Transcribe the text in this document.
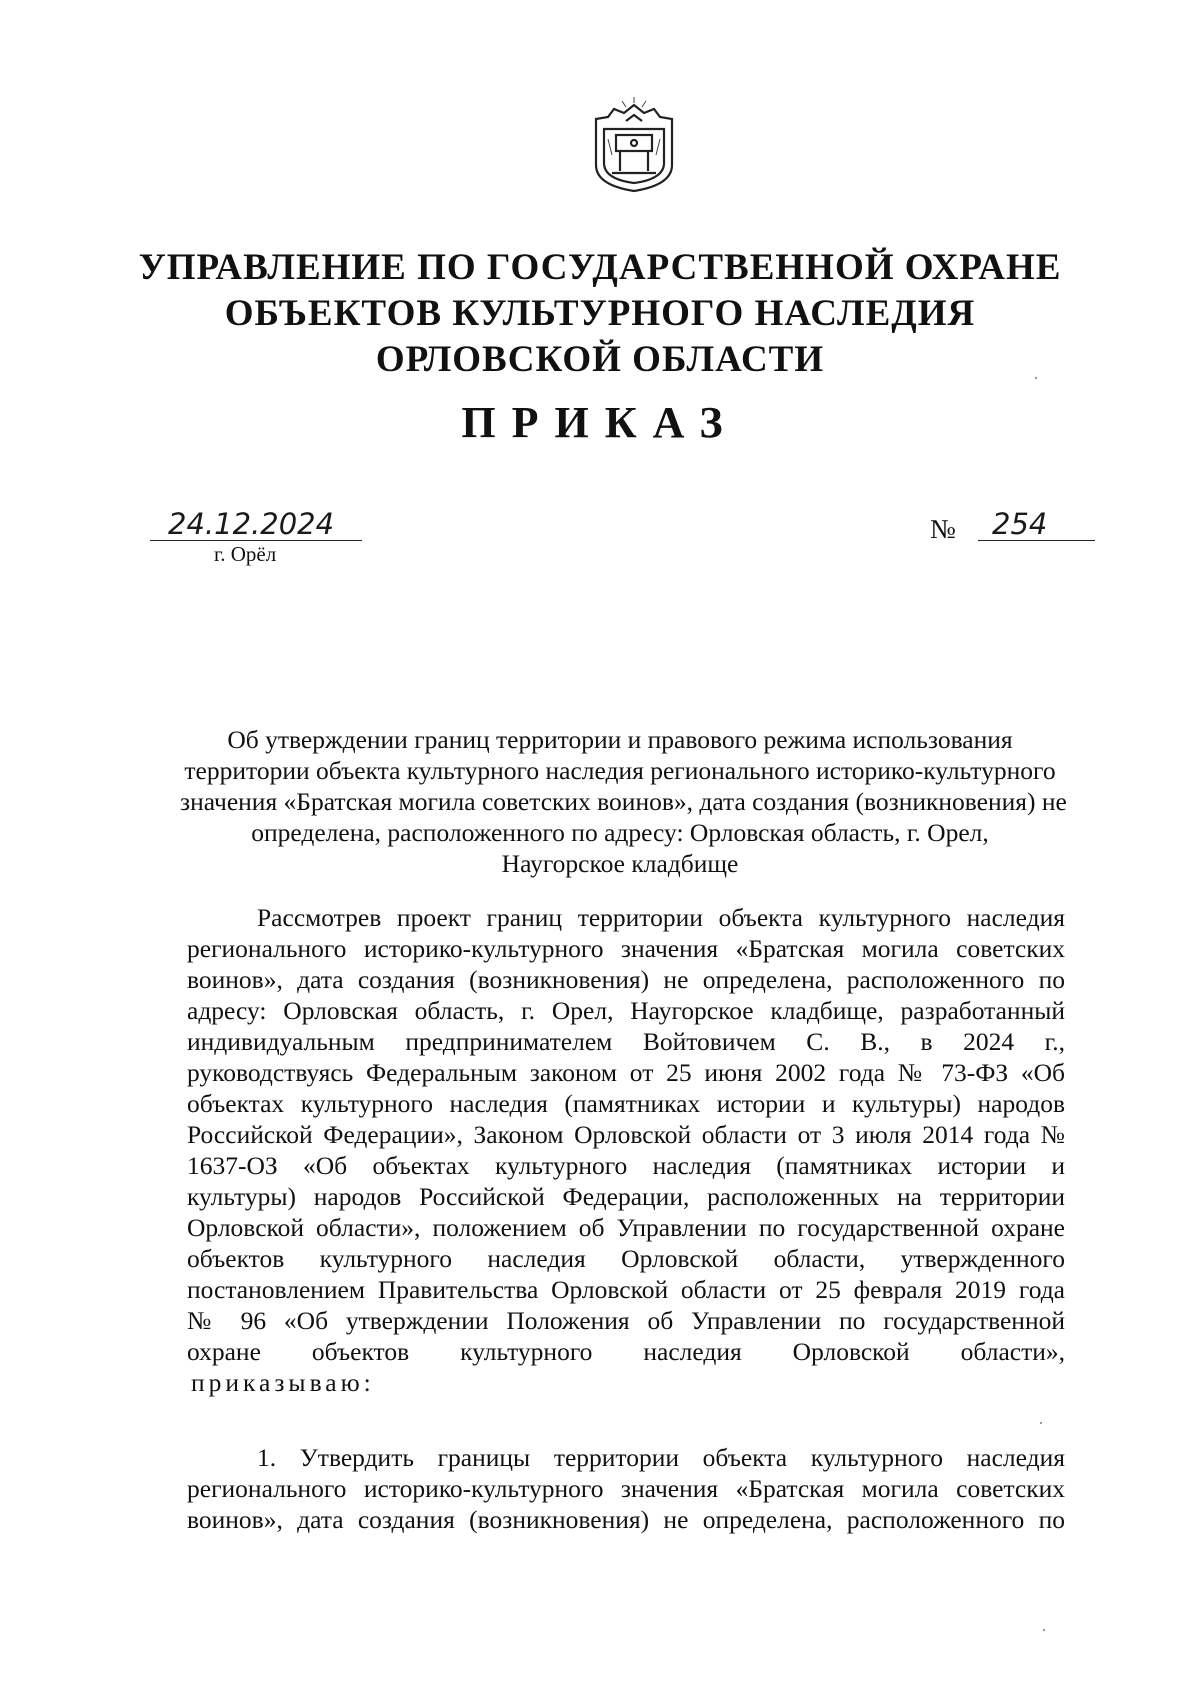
УПРАВЛЕНИЕ ПО ГОСУДАРСТВЕННОЙ ОХРАНЕ
ОБЪЕКТОВ КУЛЬТУРНОГО НАСЛЕДИЯ
ОРЛОВСКОЙ ОБЛАСТИ
ПРИКАЗ
24.12.2024
г. Орёл
№	254
Об утверждении границ территории и правового режима использования
территории объекта культурного наследия регионального историко-культурного
значения «Братская могила советских воинов», дата создания (возникновения) не
определена, расположенного по адресу: Орловская область, г. Орел,
Наугорское кладбище
Рассмотрев проект границ территории объекта культурного наследия
регионального историко-культурного значения «Братская могила советских
воинов», дата создания (возникновения) не определена, расположенного по
адресу: Орловская область, г. Орел, Наугорское кладбище, разработанный
индивидуальным предпринимателем Войтовичем С. В., в 2024 г.,
руководствуясь Федеральным законом от 25 июня 2002 года № 73-ФЗ «Об
объектах культурного наследия (памятниках истории и культуры) народов
Российской Федерации», Законом Орловской области от 3 июля 2014 года №
1637-ОЗ «Об объектах культурного наследия (памятниках истории и
культуры) народов Российской Федерации, расположенных на территории
Орловской области», положением об Управлении по государственной охране
объектов культурного наследия Орловской области, утвержденного
постановлением Правительства Орловской области от 25 февраля 2019 года
№ 96 «Об утверждении Положения об Управлении по государственной
охране объектов культурного наследия Орловской области»,
приказываю:
1. Утвердить границы территории объекта культурного наследия
регионального историко-культурного значения «Братская могила советских
воинов», дата создания (возникновения) не определена, расположенного по
